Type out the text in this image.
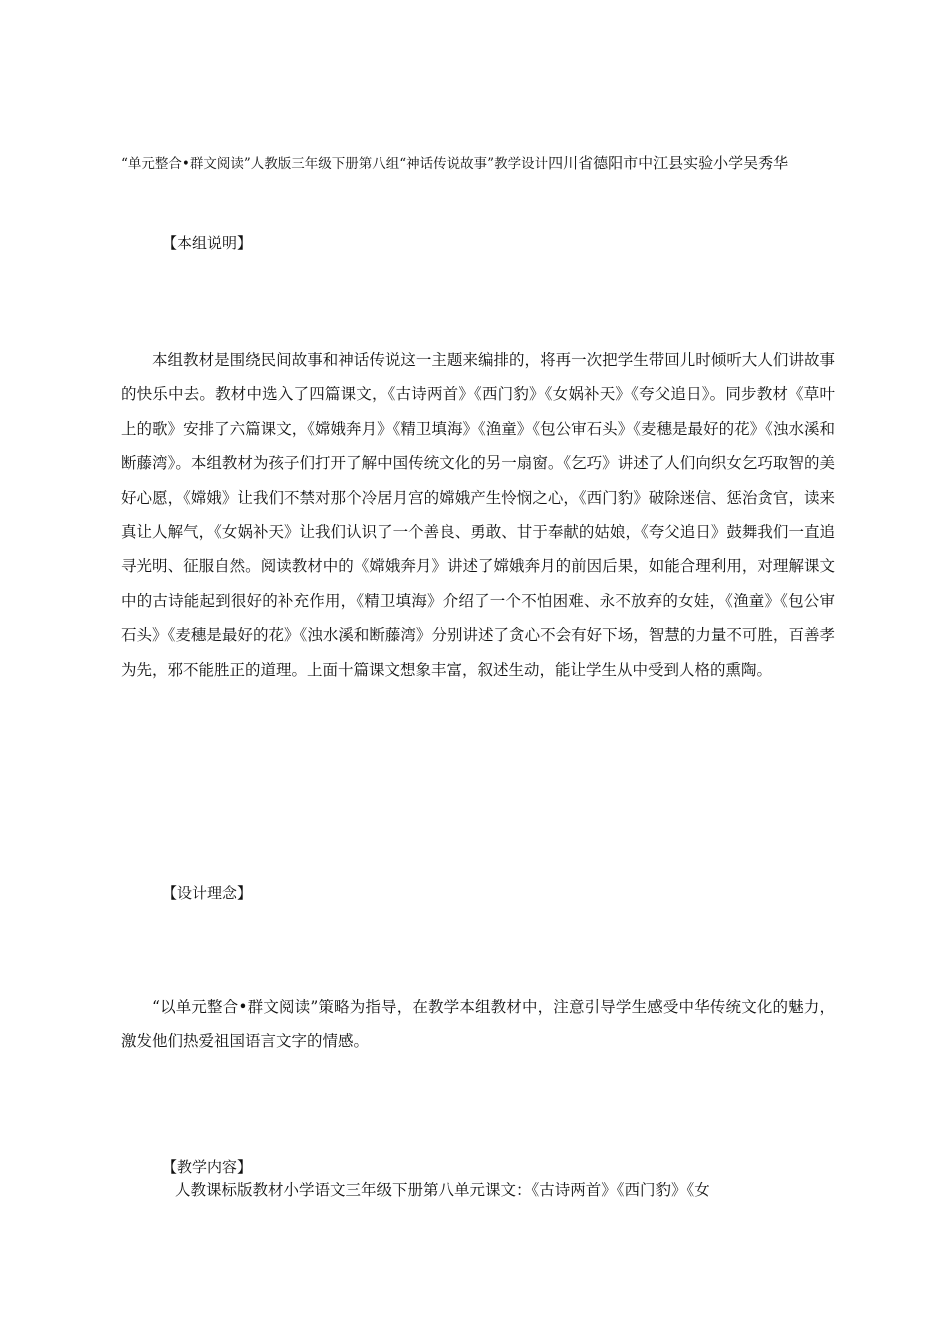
“单元整合•群文阅读”人教版三年级下册第八组“神话传说故事”教学设计四川省德阳市中江县实验小学吴秀华
【本组说明】

本组教材是围绕民间故事和神话传说这一主题来编排的，将再一次把学生带回儿时倾听大人们讲故事的快乐中去。教材中选入了四篇课文，《古诗两首》《西门豹》《女娲补天》《夸父追日》。同步教材《草叶上的歌》安排了六篇课文，《嫦娥奔月》《精卫填海》《渔童》《包公审石头》《麦穗是最好的花》《浊水溪和断藤湾》。本组教材为孩子们打开了解中国传统文化的另一扇窗。《乞巧》讲述了人们向织女乞巧取智的美好心愿，《嫦娥》让我们不禁对那个冷居月宫的嫦娥产生怜悯之心，《西门豹》破除迷信、惩治贪官，读来真让人解气，《女娲补天》让我们认识了一个善良、勇敢、甘于奉献的姑娘，《夸父追日》鼓舞我们一直追寻光明、征服自然。阅读教材中的《嫦娥奔月》讲述了嫦娥奔月的前因后果，如能合理利用，对理解课文中的古诗能起到很好的补充作用，《精卫填海》介绍了一个不怕困难、永不放弃的女娃，《渔童》《包公审石头》《麦穗是最好的花》《浊水溪和断藤湾》分别讲述了贪心不会有好下场，智慧的力量不可胜，百善孝为先，邪不能胜正的道理。上面十篇课文想象丰富，叙述生动，能让学生从中受到人格的熏陶。

【设计理念】

“以单元整合•群文阅读”策略为指导，在教学本组教材中，注意引导学生感受中华传统文化的魅力，激发他们热爱祖国语言文字的情感。

【教学内容】
人教课标版教材小学语文三年级下册第八单元课文：《古诗两首》《西门豹》《女
